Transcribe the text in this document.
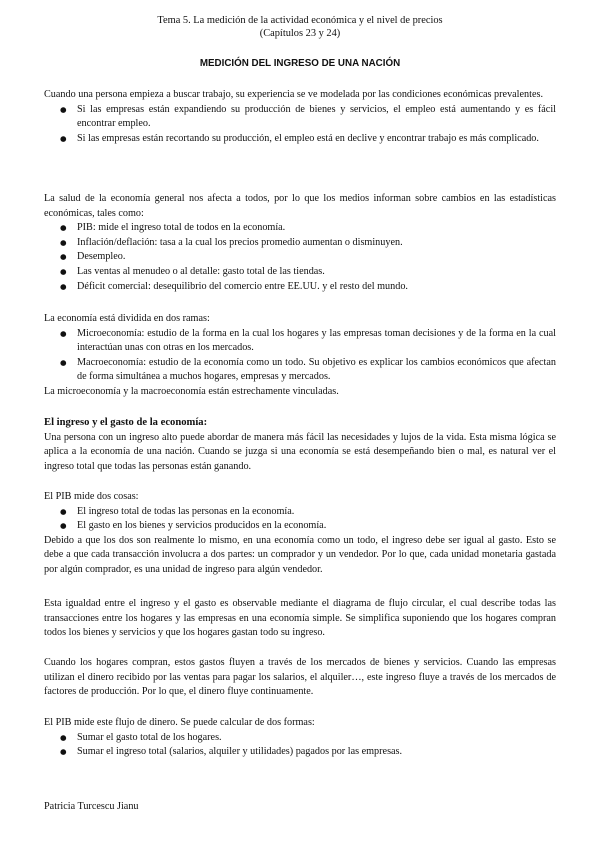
Tema 5. La medición de la actividad económica y el nivel de precios
(Capítulos 23 y 24)
MEDICIÓN DEL INGRESO DE UNA NACIÓN

Cuando una persona empieza a buscar trabajo, su experiencia se ve modelada por las condiciones económicas prevalentes.

● Si las empresas están expandiendo su producción de bienes y servicios, el empleo está aumentando y es fácil encontrar empleo.
● Si las empresas están recortando su producción, el empleo está en declive y encontrar trabajo es más complicado.

La salud de la economía general nos afecta a todos, por lo que los medios informan sobre cambios en las estadísticas económicas, tales como:

● PIB: mide el ingreso total de todos en la economía.
● Inflación/deflación: tasa a la cual los precios promedio aumentan o disminuyen.
● Desempleo.
● Las ventas al menudeo o al detalle: gasto total de las tiendas.
● Déficit comercial: desequilibrio del comercio entre EE.UU. y el resto del mundo.

La economía está dividida en dos ramas:

● Microeconomía: estudio de la forma en la cual los hogares y las empresas toman decisiones y de la forma en la cual interactúan unas con otras en los mercados.
● Macroeconomía: estudio de la economía como un todo. Su objetivo es explicar los cambios económicos que afectan de forma simultánea a muchos hogares, empresas y mercados.

La microeconomía y la macroeconomía están estrechamente vinculadas.

El ingreso y el gasto de la economía:

Una persona con un ingreso alto puede abordar de manera más fácil las necesidades y lujos de la vida. Esta misma lógica se aplica a la economía de una nación. Cuando se juzga si una economía se está desempeñando bien o mal, es natural ver el ingreso total que todas las personas están ganando.

El PIB mide dos cosas:

● El ingreso total de todas las personas en la economía.
● El gasto en los bienes y servicios producidos en la economía.

Debido a que los dos son realmente lo mismo, en una economía como un todo, el ingreso debe ser igual al gasto. Esto se debe a que cada transacción involucra a dos partes: un comprador y un vendedor. Por lo que, cada unidad monetaria gastada por algún comprador, es una unidad de ingreso para algún vendedor.

Esta igualdad entre el ingreso y el gasto es observable mediante el diagrama de flujo circular, el cual describe todas las transacciones entre los hogares y las empresas en una economía simple. Se simplifica suponiendo que los hogares compran todos los bienes y servicios y que los hogares gastan todo su ingreso.

Cuando los hogares compran, estos gastos fluyen a través de los mercados de bienes y servicios. Cuando las empresas utilizan el dinero recibido por las ventas para pagar los salarios, el alquiler…, este ingreso fluye a través de los mercados de factores de producción. Por lo que, el dinero fluye continuamente.

El PIB mide este flujo de dinero. Se puede calcular de dos formas:

● Sumar el gasto total de los hogares.
● Sumar el ingreso total (salarios, alquiler y utilidades) pagados por las empresas.
Patricia Turcescu Jianu
